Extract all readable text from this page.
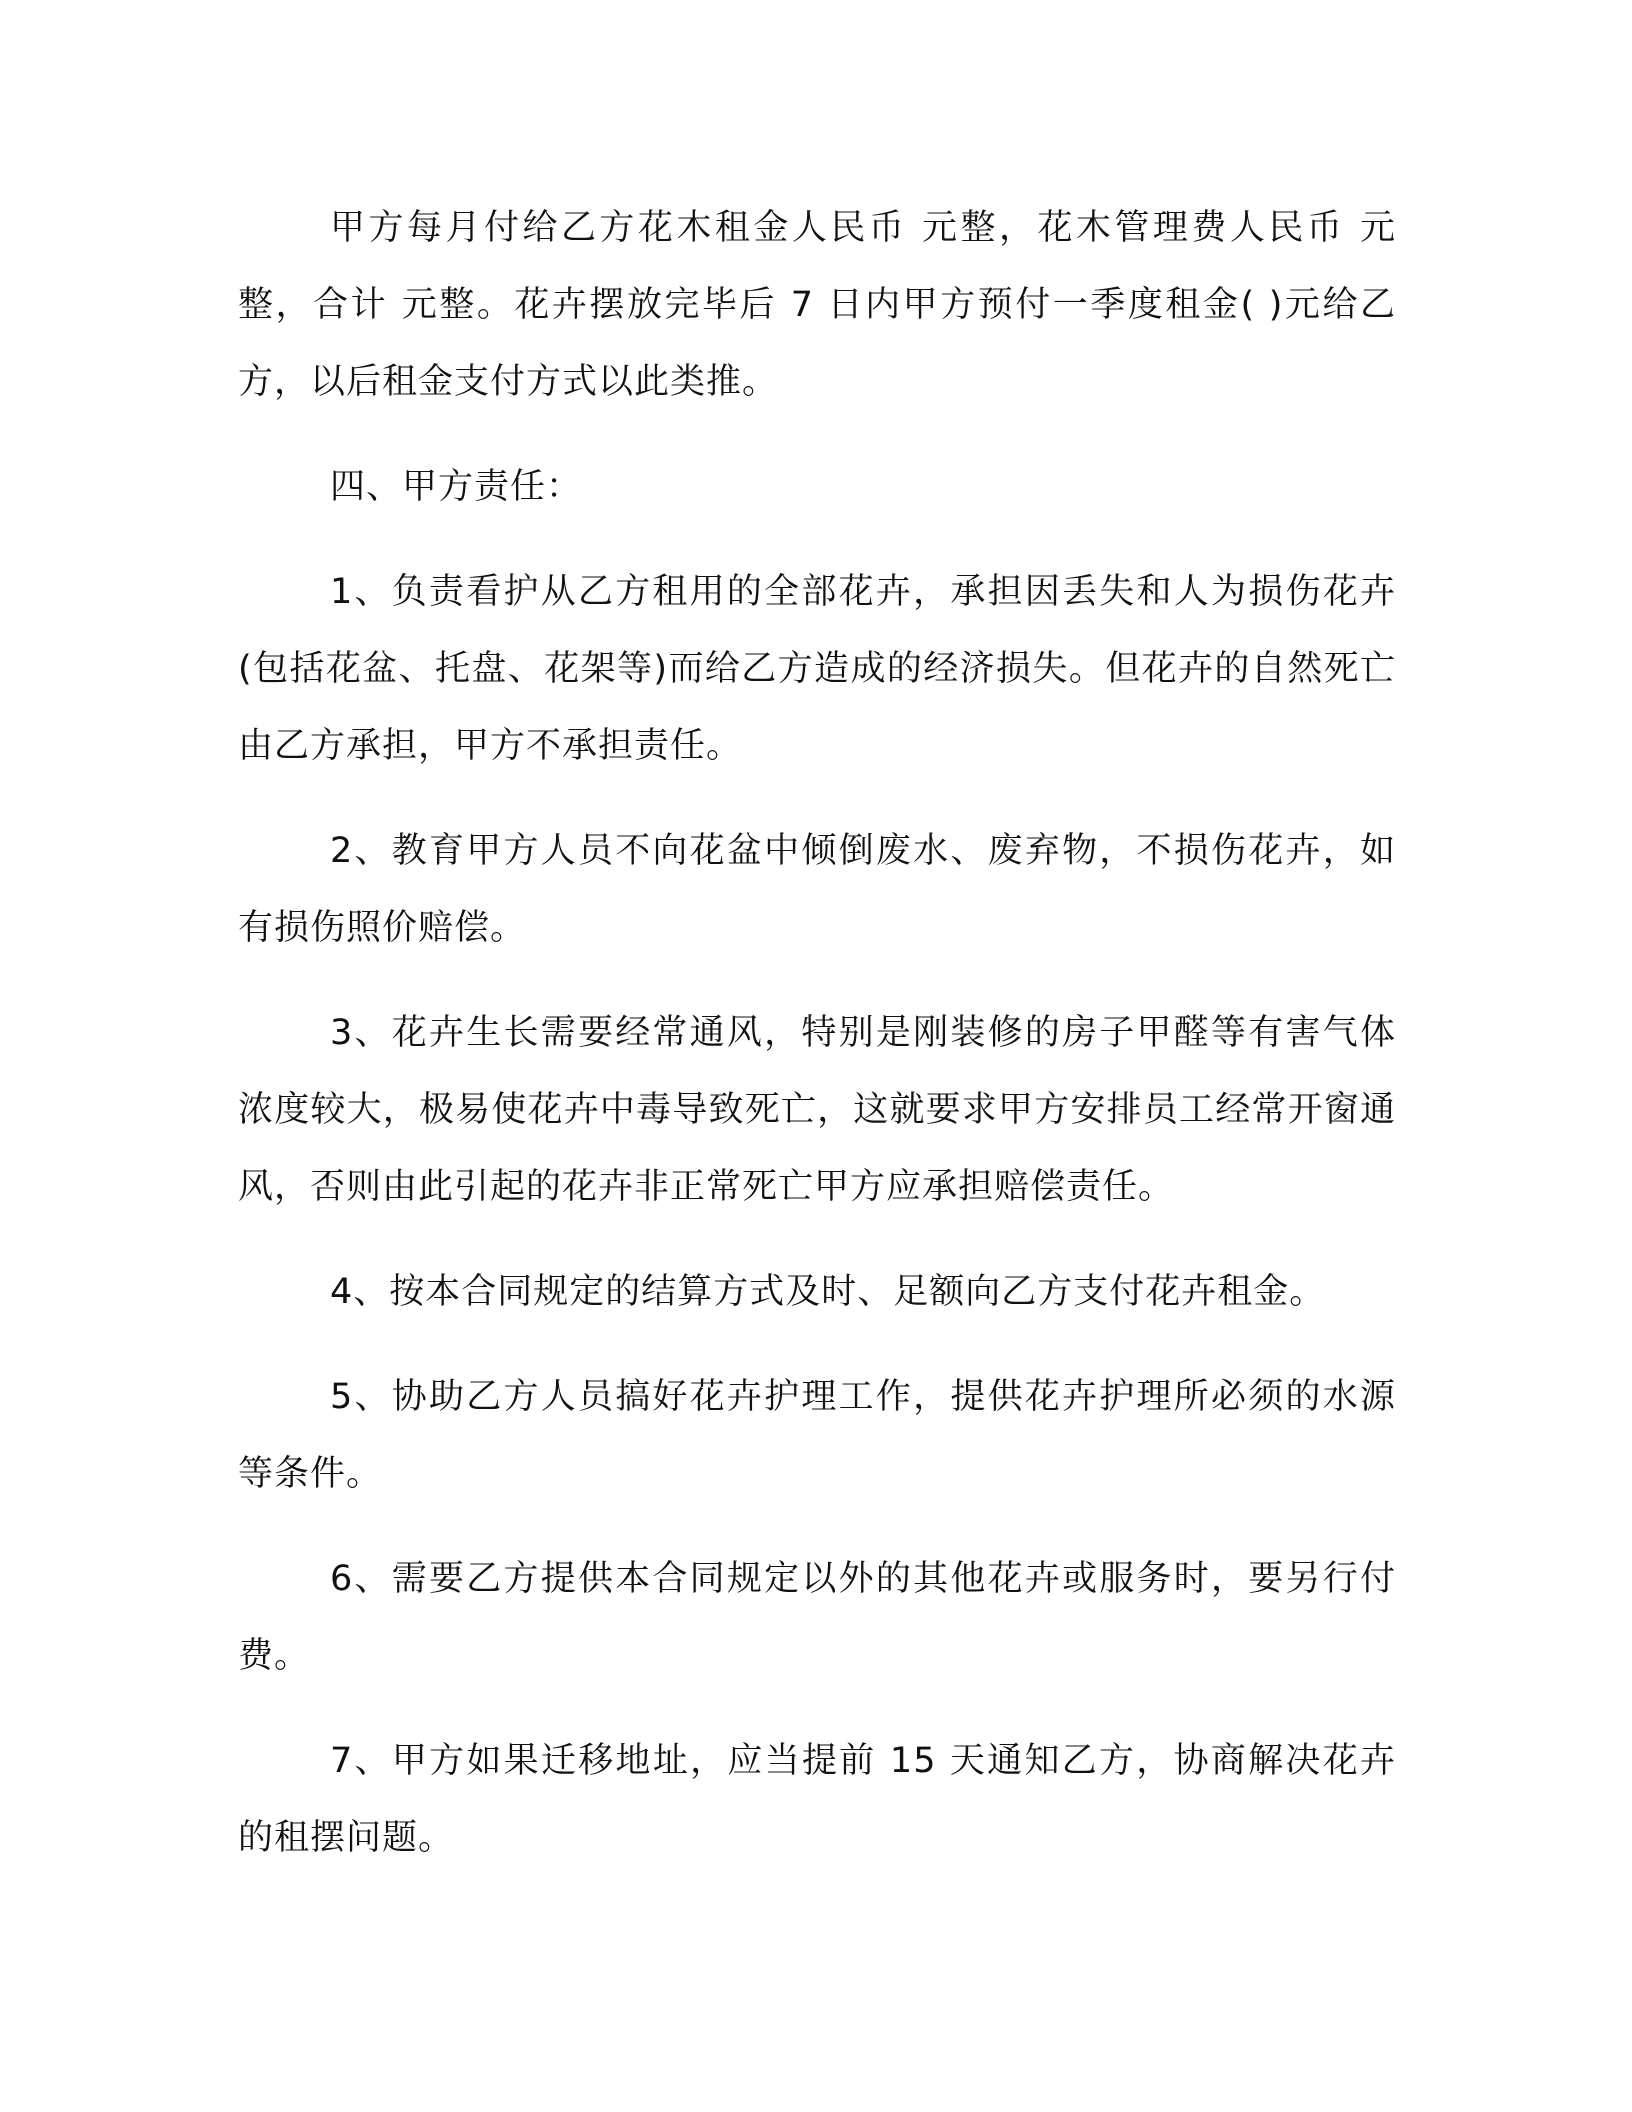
甲方每月付给乙方花木租金人民币 元整，花木管理费人民币 元整，合计 元整。花卉摆放完毕后 7 日内甲方预付一季度租金( )元给乙方，以后租金支付方式以此类推。

四、甲方责任：

1、负责看护从乙方租用的全部花卉，承担因丢失和人为损伤花卉(包括花盆、托盘、花架等)而给乙方造成的经济损失。但花卉的自然死亡由乙方承担，甲方不承担责任。

2、教育甲方人员不向花盆中倾倒废水、废弃物，不损伤花卉，如有损伤照价赔偿。

3、花卉生长需要经常通风，特别是刚装修的房子甲醛等有害气体浓度较大，极易使花卉中毒导致死亡，这就要求甲方安排员工经常开窗通风，否则由此引起的花卉非正常死亡甲方应承担赔偿责任。

4、按本合同规定的结算方式及时、足额向乙方支付花卉租金。

5、协助乙方人员搞好花卉护理工作，提供花卉护理所必须的水源等条件。

6、需要乙方提供本合同规定以外的其他花卉或服务时，要另行付费。

7、甲方如果迁移地址，应当提前 15 天通知乙方，协商解决花卉的租摆问题。
